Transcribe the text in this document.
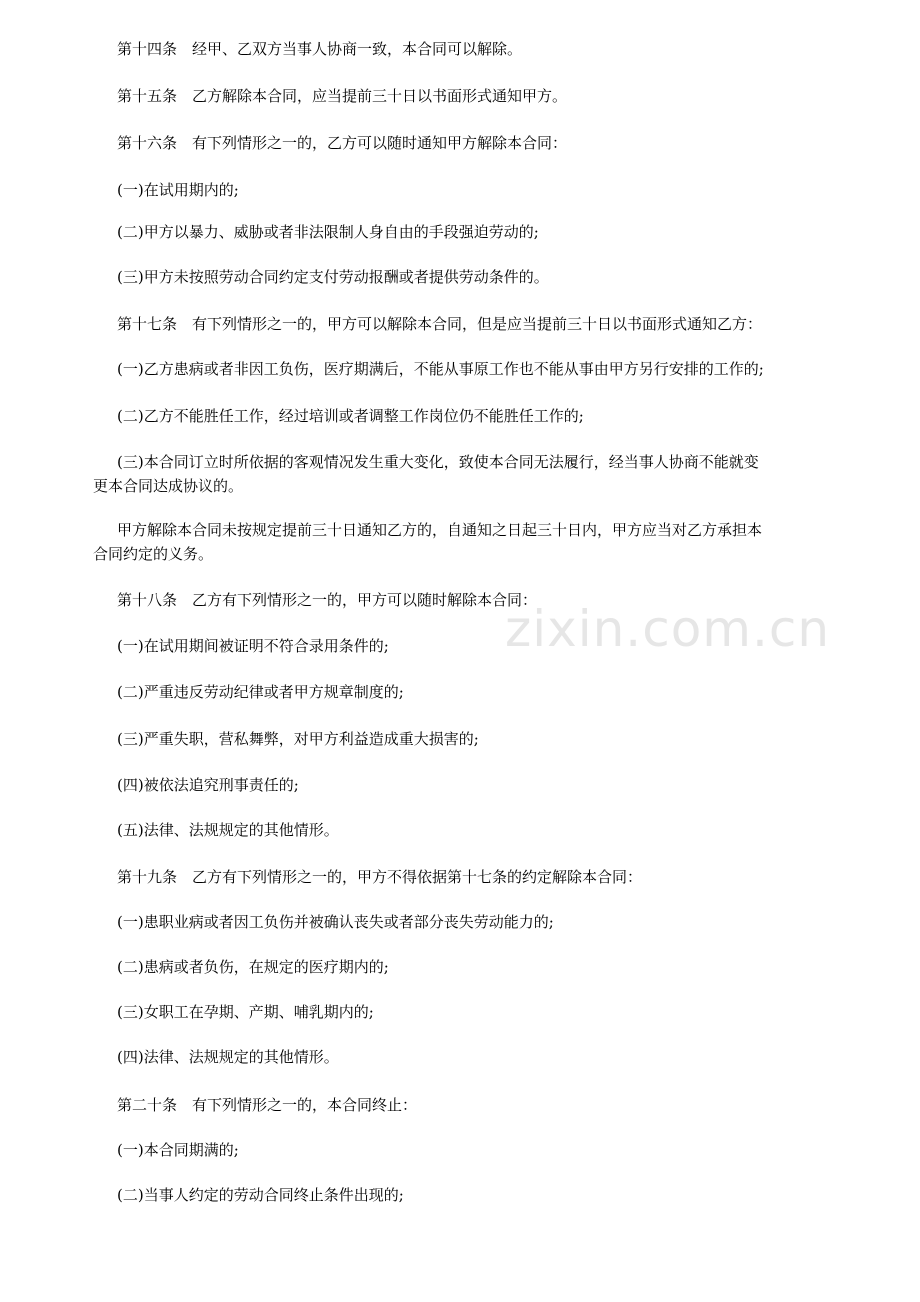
第十四条　经甲、乙双方当事人协商一致，本合同可以解除。
第十五条　乙方解除本合同，应当提前三十日以书面形式通知甲方。
第十六条　有下列情形之一的，乙方可以随时通知甲方解除本合同：
(一)在试用期内的;
(二)甲方以暴力、威胁或者非法限制人身自由的手段强迫劳动的;
(三)甲方未按照劳动合同约定支付劳动报酬或者提供劳动条件的。
第十七条　有下列情形之一的，甲方可以解除本合同，但是应当提前三十日以书面形式通知乙方：
(一)乙方患病或者非因工负伤，医疗期满后，不能从事原工作也不能从事由甲方另行安排的工作的;
(二)乙方不能胜任工作，经过培训或者调整工作岗位仍不能胜任工作的;
(三)本合同订立时所依据的客观情况发生重大变化，致使本合同无法履行，经当事人协商不能就变
更本合同达成协议的。
甲方解除本合同未按规定提前三十日通知乙方的，自通知之日起三十日内，甲方应当对乙方承担本
合同约定的义务。
第十八条　乙方有下列情形之一的，甲方可以随时解除本合同：
(一)在试用期间被证明不符合录用条件的;
(二)严重违反劳动纪律或者甲方规章制度的;
(三)严重失职，营私舞弊，对甲方利益造成重大损害的;
(四)被依法追究刑事责任的;
(五)法律、法规规定的其他情形。
第十九条　乙方有下列情形之一的，甲方不得依据第十七条的约定解除本合同：
(一)患职业病或者因工负伤并被确认丧失或者部分丧失劳动能力的;
(二)患病或者负伤，在规定的医疗期内的;
(三)女职工在孕期、产期、哺乳期内的;
(四)法律、法规规定的其他情形。
第二十条　有下列情形之一的，本合同终止：
(一)本合同期满的;
(二)当事人约定的劳动合同终止条件出现的;
zixin.com.cn
